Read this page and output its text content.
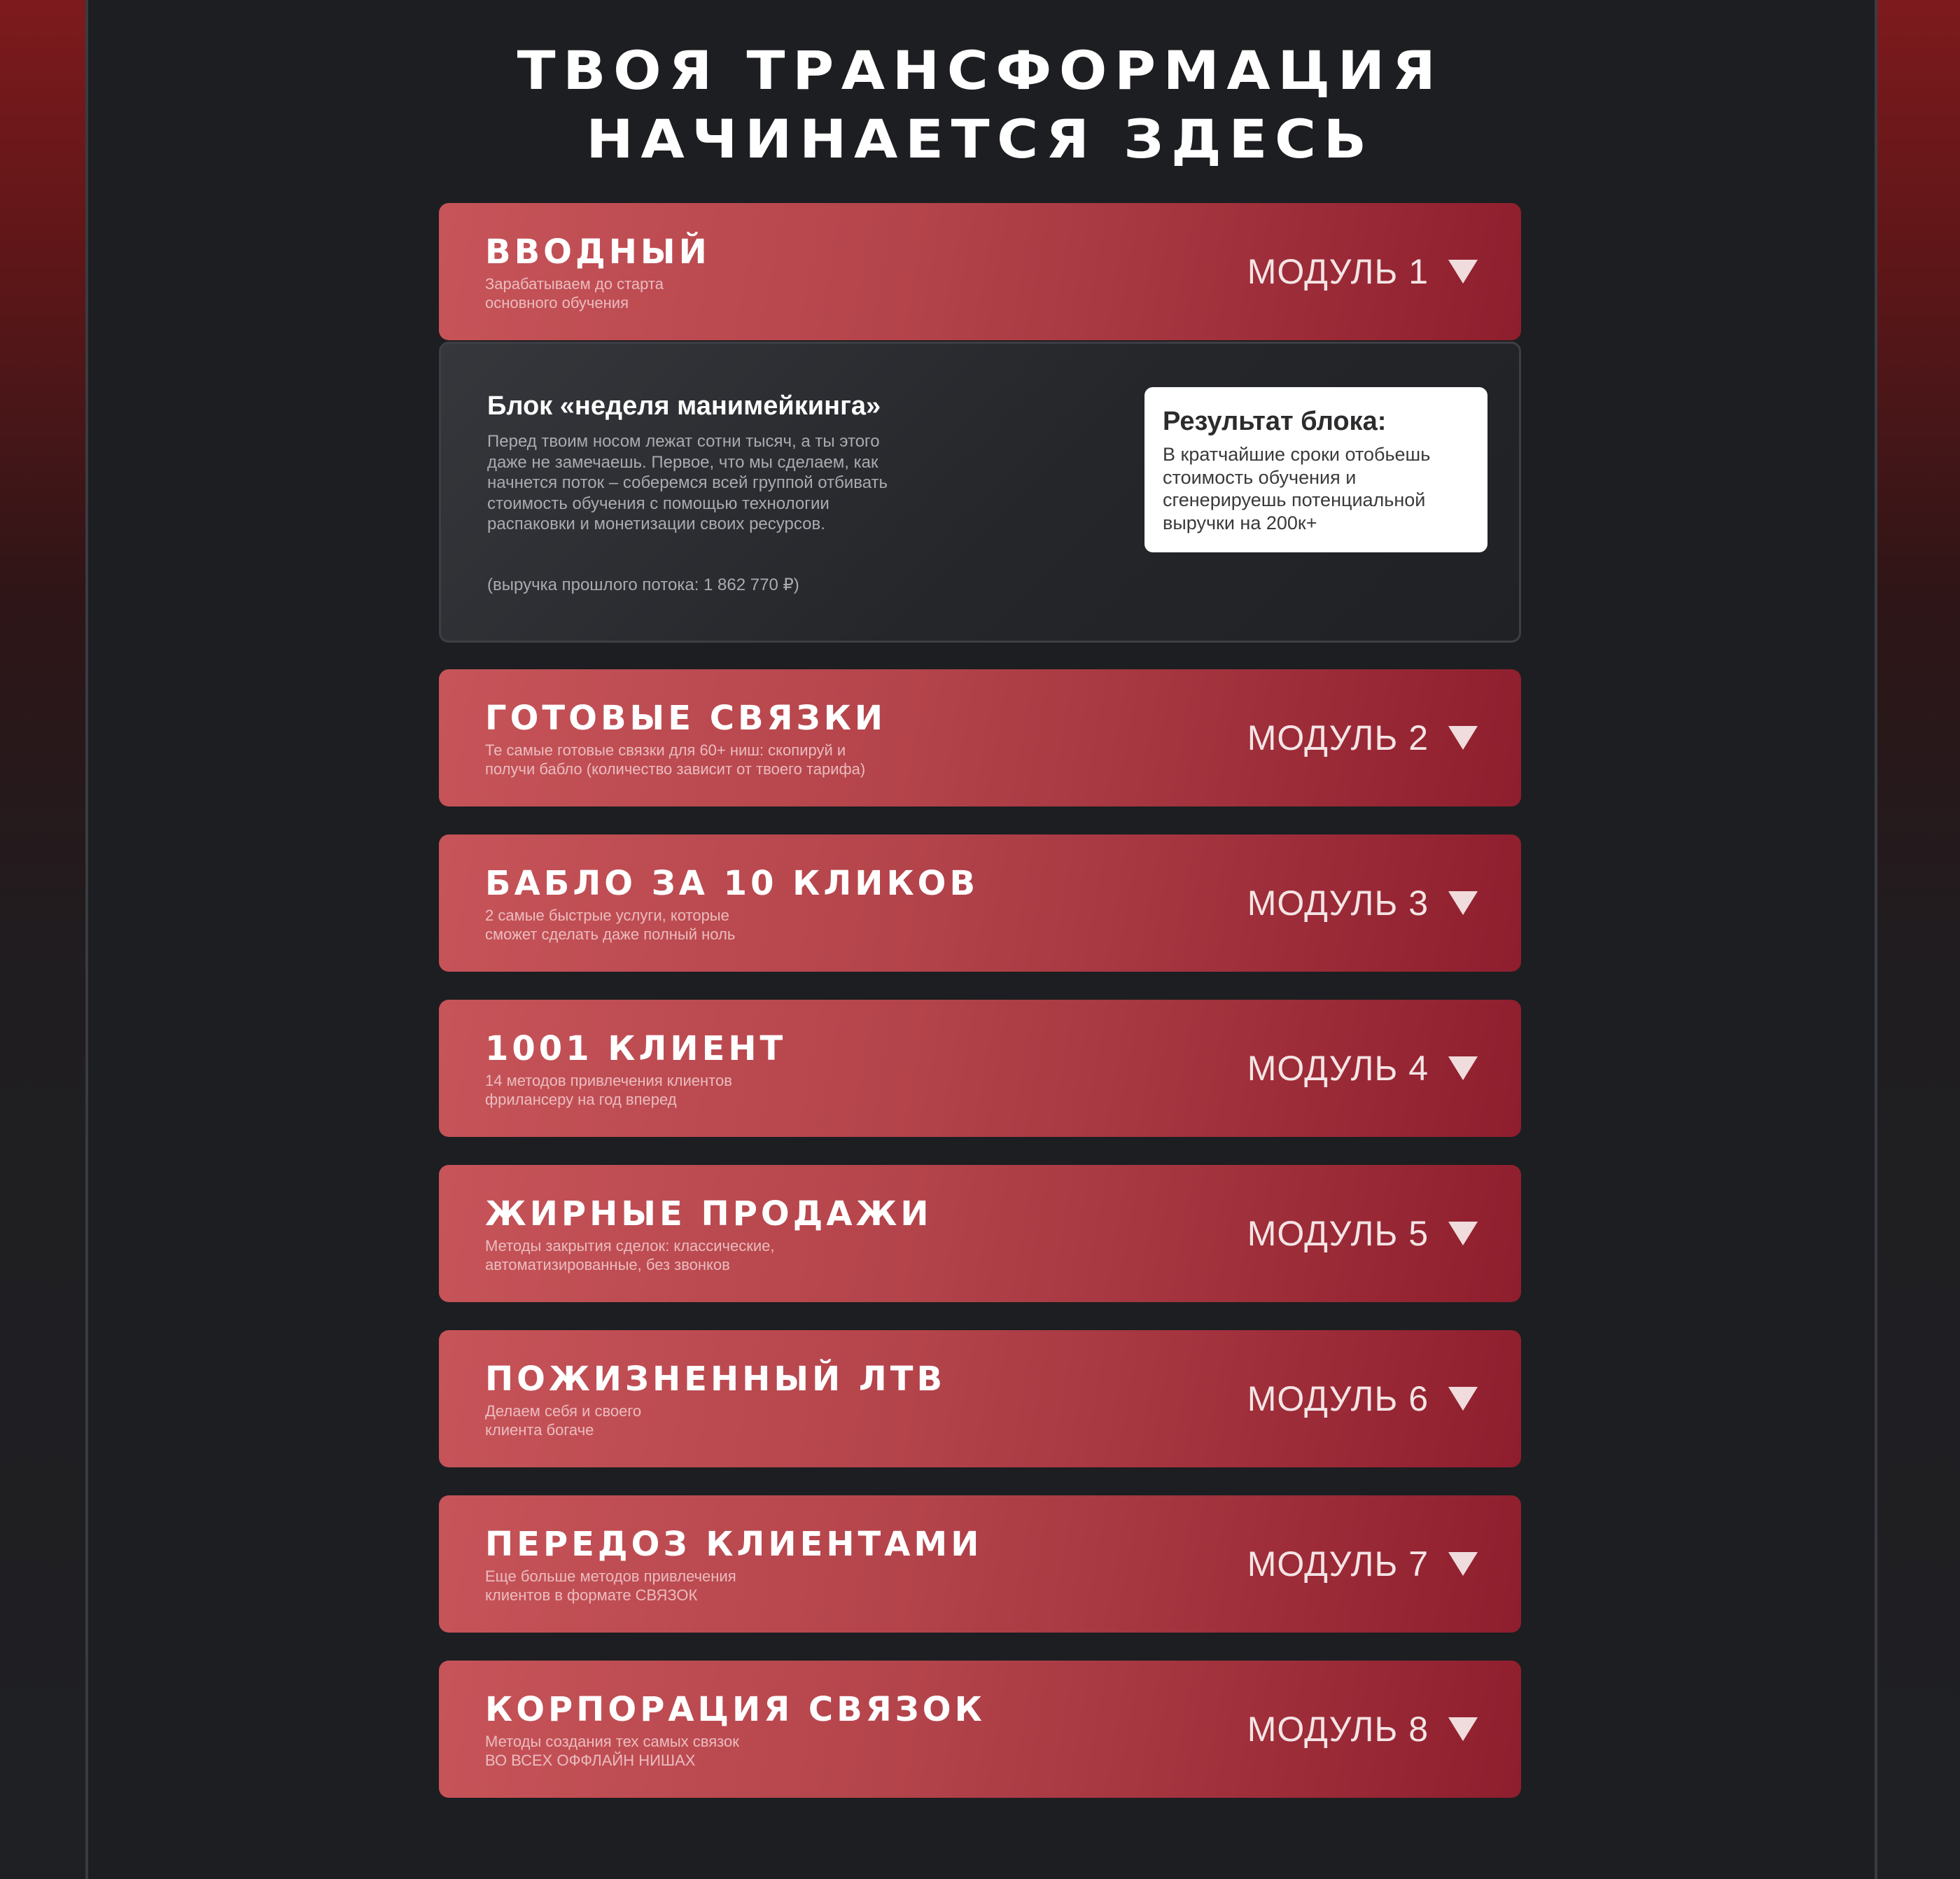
ТВОЯ ТРАНСФОРМАЦИЯ
НАЧИНАЕТСЯ ЗДЕСЬ
ВВОДНЫЙ
Зарабатываем до старта
основного обучения
МОДУЛЬ 1
Блок «неделя манимейкинга»
Перед твоим носом лежат сотни тысяч, а ты этого даже не замечаешь. Первое, что мы сделаем, как начнется поток – соберемся всей группой отбивать стоимость обучения с помощью технологии распаковки и монетизации своих ресурсов.
(выручка прошлого потока: 1 862 770 ₽)
Результат блока:
В кратчайшие сроки отобьешь стоимость обучения и сгенерируешь потенциальной выручки на 200к+
ГОТОВЫЕ СВЯЗКИ
Те самые готовые связки для 60+ ниш: скопируй и
получи бабло (количество зависит от твоего тарифа)
МОДУЛЬ 2
БАБЛО ЗА 10 КЛИКОВ
2 самые быстрые услуги, которые
сможет сделать даже полный ноль
МОДУЛЬ 3
1001 КЛИЕНТ
14 методов привлечения клиентов
фрилансеру на год вперед
МОДУЛЬ 4
ЖИРНЫЕ ПРОДАЖИ
Методы закрытия сделок: классические,
автоматизированные, без звонков
МОДУЛЬ 5
ПОЖИЗНЕННЫЙ ЛТВ
Делаем себя и своего
клиента богаче
МОДУЛЬ 6
ПЕРЕДОЗ КЛИЕНТАМИ
Еще больше методов привлечения
клиентов в формате СВЯЗОК
МОДУЛЬ 7
КОРПОРАЦИЯ СВЯЗОК
Методы создания тех самых связок
ВО ВСЕХ ОФФЛАЙН НИШАХ
МОДУЛЬ 8
